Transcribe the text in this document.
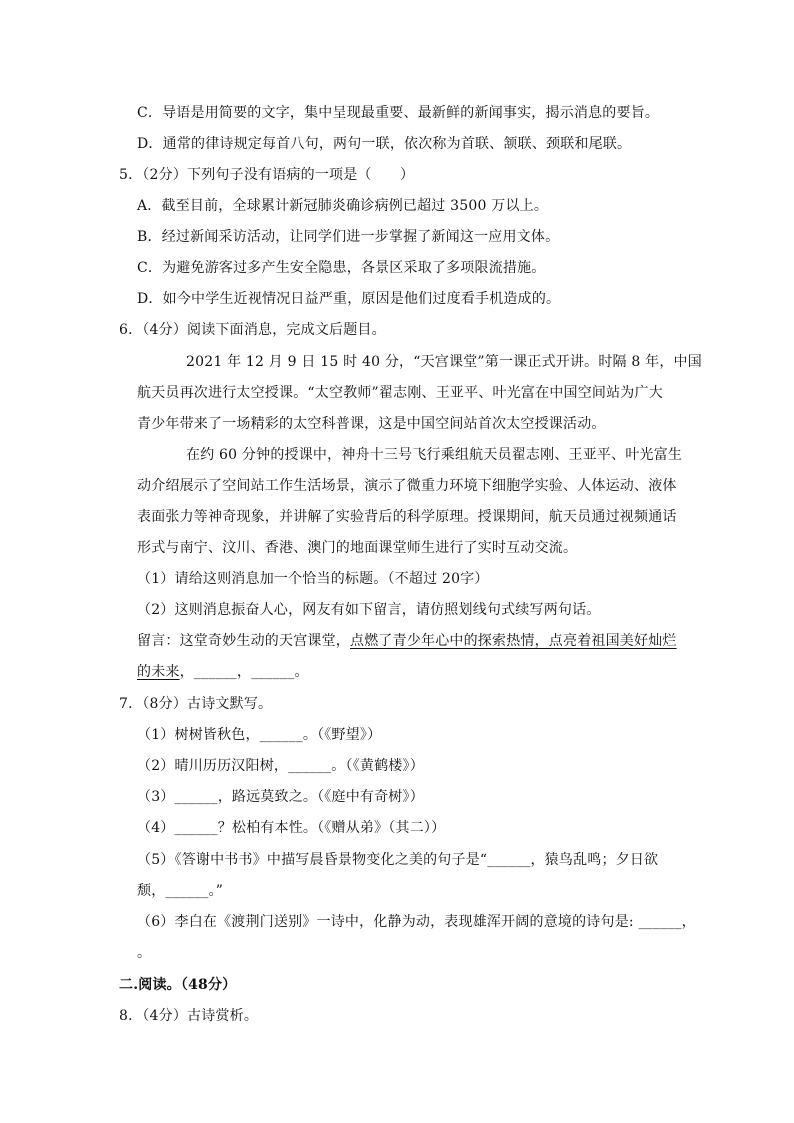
C．导语是用简要的文字，集中呈现最重要、最新鲜的新闻事实，揭示消息的要旨。
D．通常的律诗规定每首八句，两句一联，依次称为首联、颔联、颈联和尾联。
5．（2分）下列句子没有语病的一项是（　　）
A．截至目前，全球累计新冠肺炎确诊病例已超过 3500 万以上。
B．经过新闻采访活动，让同学们进一步掌握了新闻这一应用文体。
C．为避免游客过多产生安全隐患，各景区采取了多项限流措施。
D．如今中学生近视情况日益严重，原因是他们过度看手机造成的。
6．（4分）阅读下面消息，完成文后题目。
2021 年 12 月 9 日 15 时 40 分，“天宫课堂”第一课正式开讲。时隔 8 年，中国
航天员再次进行太空授课。“太空教师”翟志刚、王亚平、叶光富在中国空间站为广大
青少年带来了一场精彩的太空科普课，这是中国空间站首次太空授课活动。
在约 60 分钟的授课中，神舟十三号飞行乘组航天员翟志刚、王亚平、叶光富生
动介绍展示了空间站工作生活场景，演示了微重力环境下细胞学实验、人体运动、液体
表面张力等神奇现象，并讲解了实验背后的科学原理。授课期间，航天员通过视频通话
形式与南宁、汶川、香港、澳门的地面课堂师生进行了实时互动交流。
（1）请给这则消息加一个恰当的标题。（不超过 20字）
（2）这则消息振奋人心，网友有如下留言，请仿照划线句式续写两句话。
留言：这堂奇妙生动的天宫课堂，点燃了青少年心中的探索热情，点亮着祖国美好灿烂
的未来，______，______。
7．（8分）古诗文默写。
（1）树树皆秋色，______。（《野望》）
（2）晴川历历汉阳树，______。（《黄鹤楼》）
（3）______，路远莫致之。（《庭中有奇树》）
（4）______？松柏有本性。（《赠从弟》（其二））
（5）《答谢中书书》中描写晨昏景物变化之美的句子是“______，猿鸟乱鸣；夕日欲
颓，______。”
（6）李白在《渡荆门送别》一诗中，化静为动，表现雄浑开阔的意境的诗句是: ______，
。
二.阅读。（48分）
8．（4分）古诗赏析。
